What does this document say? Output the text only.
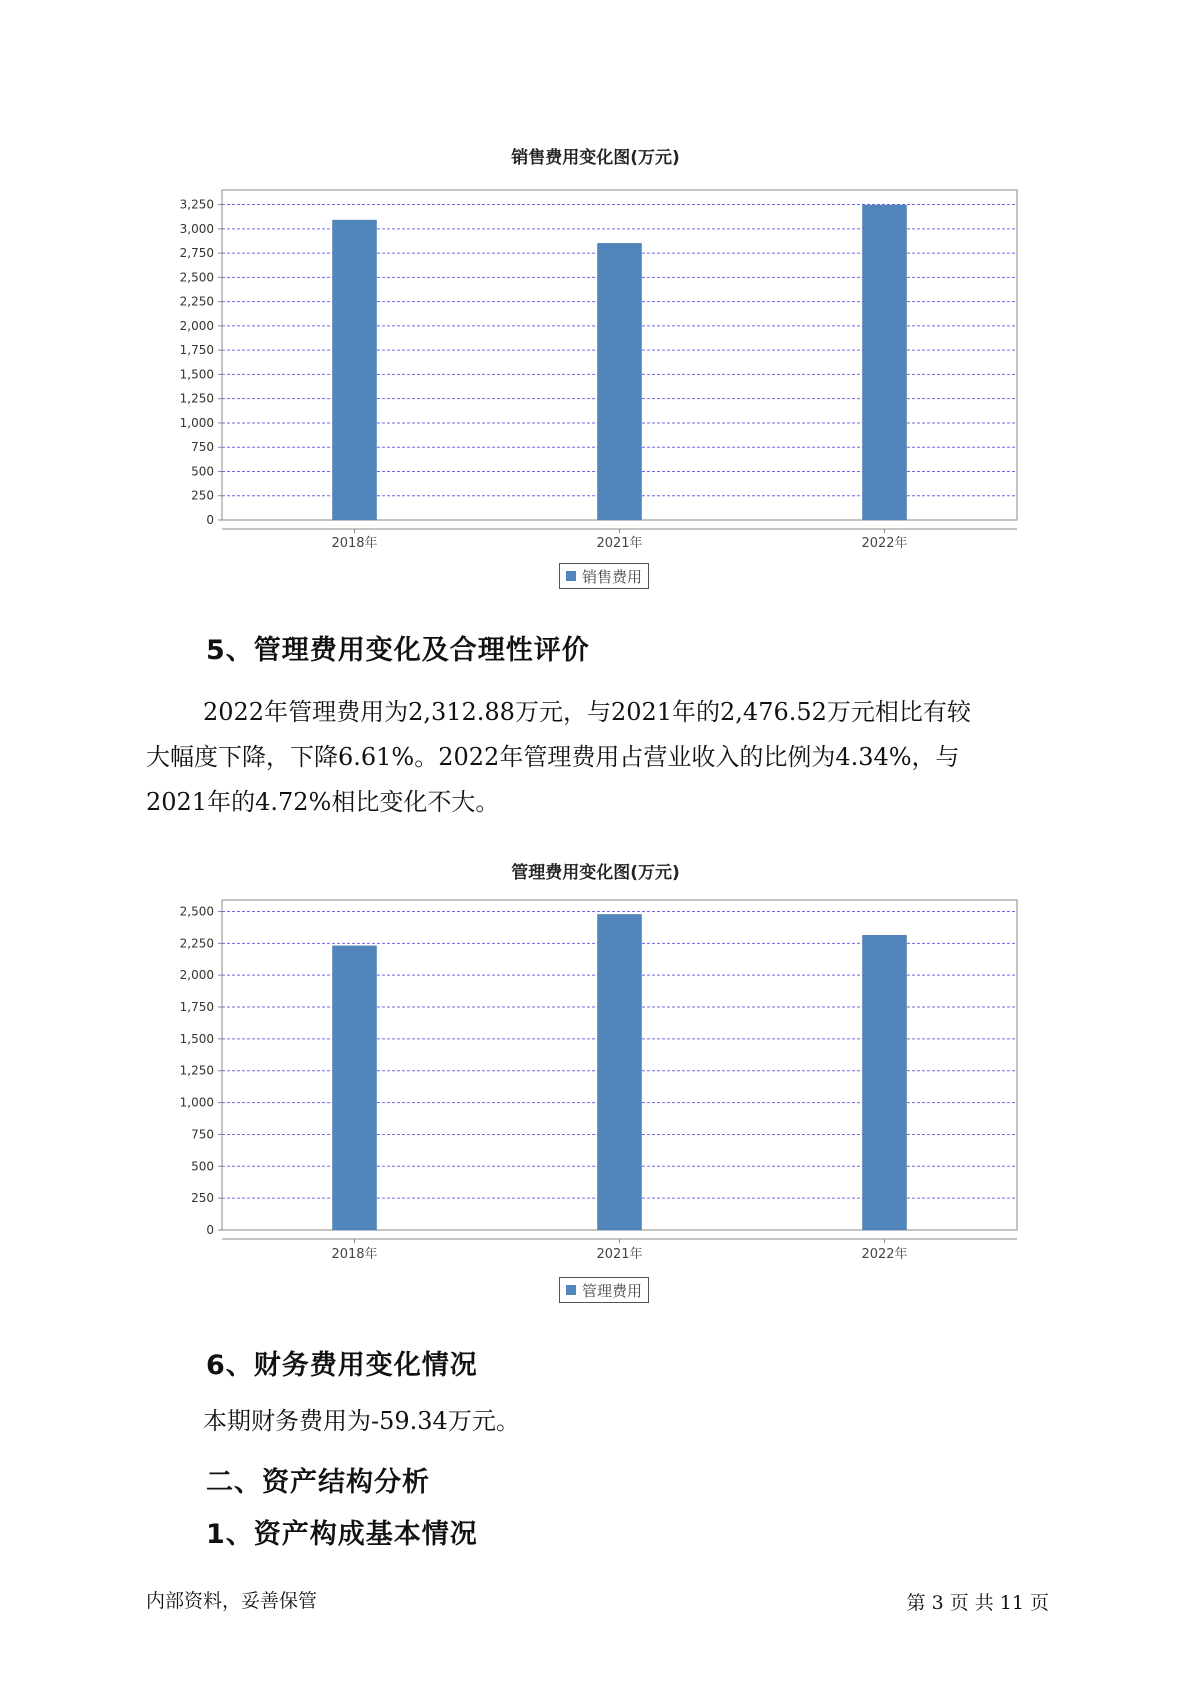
销售费用变化图(万元)
0
250
500
750
1,000
1,250
1,500
1,750
2,000
2,250
2,500
2,750
3,000
3,250
2018年	2021年	2022年
销售费用
5、管理费用变化及合理性评价
2022年管理费用为2,312.88万元，与2021年的2,476.52万元相比有较
大幅度下降，下降6.61%。2022年管理费用占营业收入的比例为4.34%，与
2021年的4.72%相比变化不大。
管理费用变化图(万元)
0
250
500
750
1,000
1,250
1,500
1,750
2,000
2,250
2,500
2018年	2021年	2022年
管理费用
6、财务费用变化情况
本期财务费用为-59.34万元。
二、资产结构分析
1、资产构成基本情况
内部资料，妥善保管	第 3 页 共 11 页
